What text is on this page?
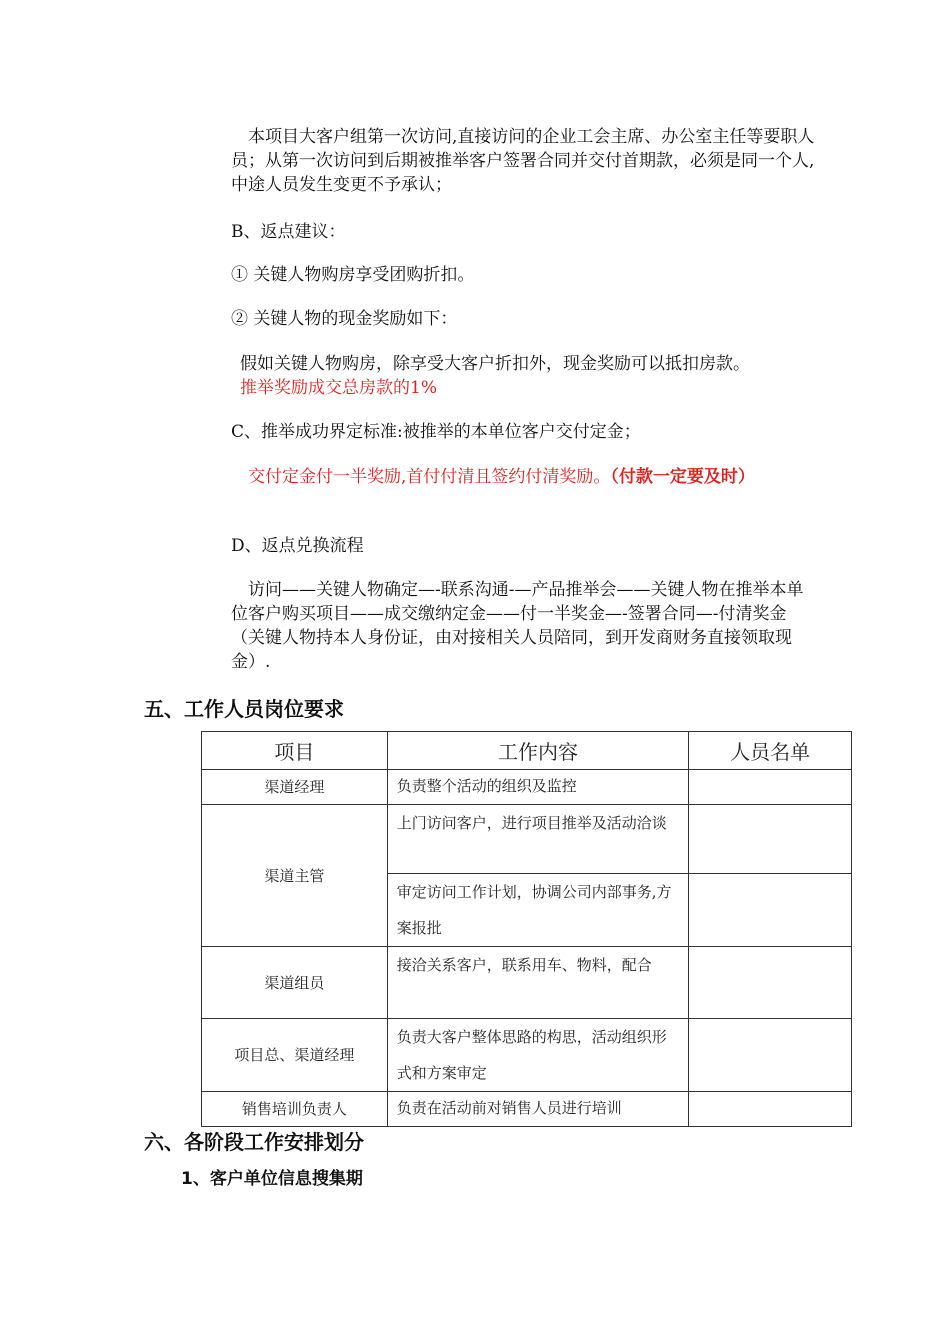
本项目大客户组第一次访问,直接访问的企业工会主席、办公室主任等要职人员；从第一次访问到后期被推举客户签署合同并交付首期款，必须是同一个人,中途人员发生变更不予承认；

B、返点建议：

① 关键人物购房享受团购折扣。

② 关键人物的现金奖励如下：

假如关键人物购房，除享受大客户折扣外，现金奖励可以抵扣房款。

推举奖励成交总房款的1%

C、推举成功界定标准:被推举的本单位客户交付定金；

交付定金付一半奖励,首付付清且签约付清奖励。（付款一定要及时）

D、返点兑换流程

访问——关键人物确定—-联系沟通-—产品推举会——关键人物在推举本单位客户购买项目——成交缴纳定金——付一半奖金—-签署合同—-付清奖金（关键人物持本人身份证，由对接相关人员陪同，到开发商财务直接领取现金）.

五、工作人员岗位要求
项目	工作内容	人员名单
渠道经理	负责整个活动的组织及监控	
渠道主管	上门访问客户，进行项目推举及活动洽谈	
	审定访问工作计划，协调公司内部事务,方案报批	
渠道组员	接洽关系客户，联系用车、物料，配合	
项目总、渠道经理	负责大客户整体思路的构思，活动组织形式和方案审定	
销售培训负责人	负责在活动前对销售人员进行培训	
六、各阶段工作安排划分
1、客户单位信息搜集期
